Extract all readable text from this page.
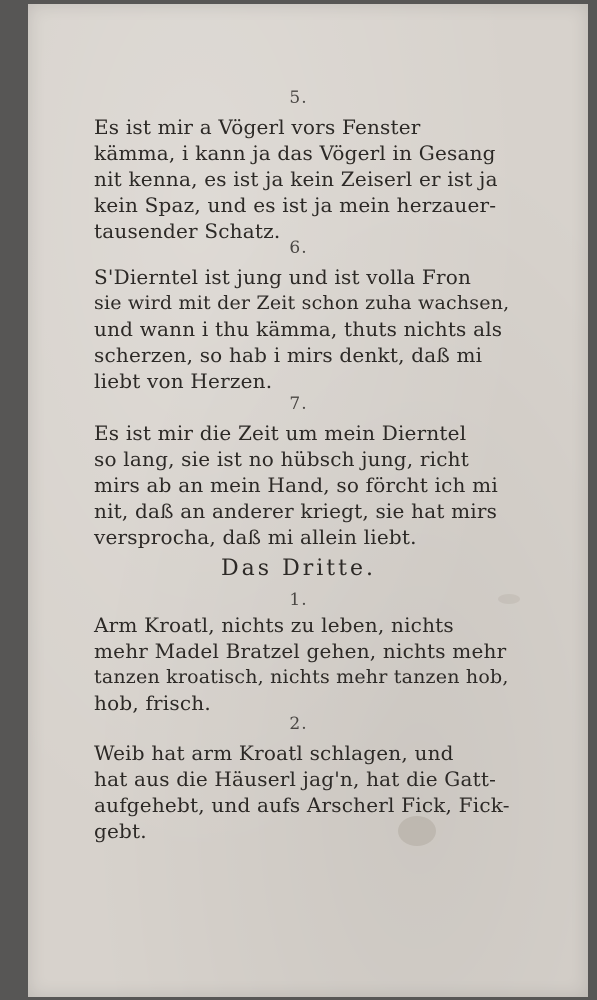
5.
Es ist mir a Vögerl vors Fenster
kämma, i kann ja das Vögerl in Gesang
nit kenna, es ist ja kein Zeiserl er ist ja
kein Spaz, und es ist ja mein herzauer-
tausender Schatz.
6.
S'Dierntel ist jung und ist volla Fron
sie wird mit der Zeit schon zuha wachsen,
und wann i thu kämma, thuts nichts als
scherzen, so hab i mirs denkt, daß mi
liebt von Herzen.
7.
Es ist mir die Zeit um mein Dierntel
so lang, sie ist no hübsch jung, richt
mirs ab an mein Hand, so förcht ich mi
nit, daß an anderer kriegt, sie hat mirs
versprocha, daß mi allein liebt.
Das Dritte.
1.
Arm Kroatl, nichts zu leben, nichts
mehr Madel Bratzel gehen, nichts mehr
tanzen kroatisch, nichts mehr tanzen hob,
hob, frisch.
2.
Weib hat arm Kroatl schlagen, und
hat aus die Häuserl jag'n, hat die Gatt-
aufgehebt, und aufs Arscherl Fick, Fick-
gebt.
